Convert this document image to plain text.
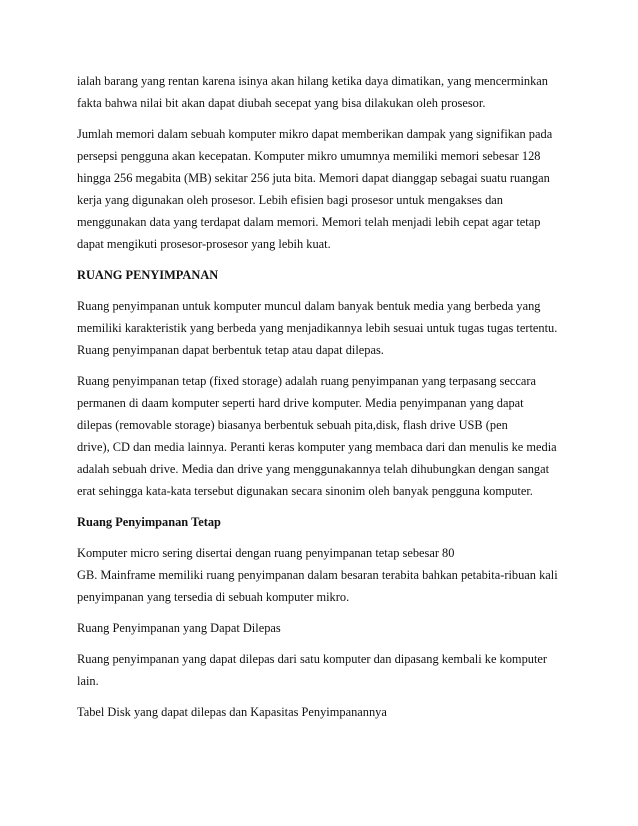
ialah barang yang rentan karena isinya akan hilang ketika daya dimatikan, yang mencerminkan
fakta bahwa nilai bit akan dapat diubah secepat yang bisa dilakukan oleh prosesor.
Jumlah memori dalam sebuah komputer mikro dapat memberikan dampak yang signifikan pada
persepsi pengguna akan kecepatan. Komputer mikro umumnya memiliki memori sebesar 128
hingga 256 megabita (MB) sekitar 256 juta bita. Memori dapat dianggap sebagai suatu ruangan
kerja yang digunakan oleh prosesor. Lebih efisien bagi prosesor untuk mengakses dan
menggunakan data yang terdapat dalam memori. Memori telah menjadi lebih cepat agar tetap
dapat mengikuti prosesor-prosesor yang lebih kuat.
RUANG PENYIMPANAN
Ruang penyimpanan untuk komputer muncul dalam banyak bentuk media yang berbeda yang
memiliki karakteristik yang berbeda yang menjadikannya lebih sesuai untuk tugas tugas tertentu.
Ruang penyimpanan dapat berbentuk tetap atau dapat dilepas.
Ruang penyimpanan tetap (fixed storage) adalah ruang penyimpanan yang terpasang seccara
permanen di daam komputer seperti hard drive komputer. Media penyimpanan yang dapat
dilepas (removable storage) biasanya berbentuk sebuah pita,disk, flash drive USB (pen
drive), CD dan media lainnya. Peranti keras komputer yang membaca dari dan menulis ke media
adalah sebuah drive. Media dan drive yang menggunakannya telah dihubungkan dengan sangat
erat sehingga kata-kata tersebut digunakan secara sinonim oleh banyak pengguna komputer.
Ruang Penyimpanan Tetap
Komputer micro sering disertai dengan ruang penyimpanan tetap sebesar 80
GB. Mainframe memiliki ruang penyimpanan dalam besaran terabita bahkan petabita-ribuan kali
penyimpanan yang tersedia di sebuah komputer mikro.
Ruang Penyimpanan yang Dapat Dilepas
Ruang penyimpanan yang dapat dilepas dari satu komputer dan dipasang kembali ke komputer
lain.
Tabel Disk yang dapat dilepas dan Kapasitas Penyimpanannya
